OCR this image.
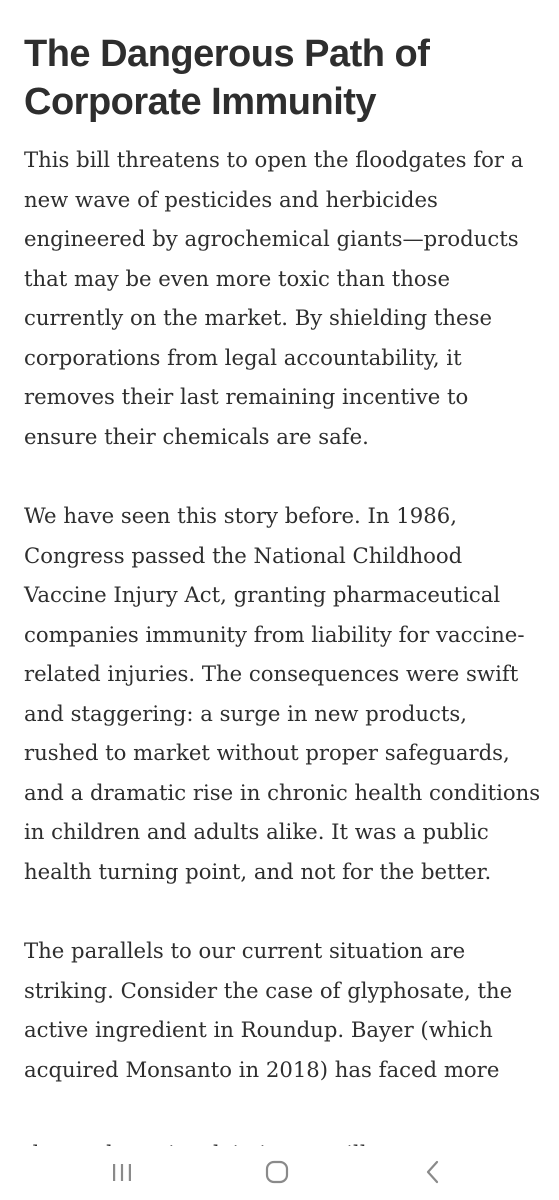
The Dangerous Path of Corporate Immunity

This bill threatens to open the floodgates for a new wave of pesticides and herbicides engineered by agrochemical giants—products that may be even more toxic than those currently on the market. By shielding these corporations from legal accountability, it removes their last remaining incentive to ensure their chemicals are safe.

We have seen this story before. In 1986, Congress passed the National Childhood Vaccine Injury Act, granting pharmaceutical companies immunity from liability for vaccine-related injuries. The consequences were swift and staggering: a surge in new products, rushed to market without proper safeguards, and a dramatic rise in chronic health conditions in children and adults alike. It was a public health turning point, and not for the better.

The parallels to our current situation are striking. Consider the case of glyphosate, the active ingredient in Roundup. Bayer (which acquired Monsanto in 2018) has faced more
